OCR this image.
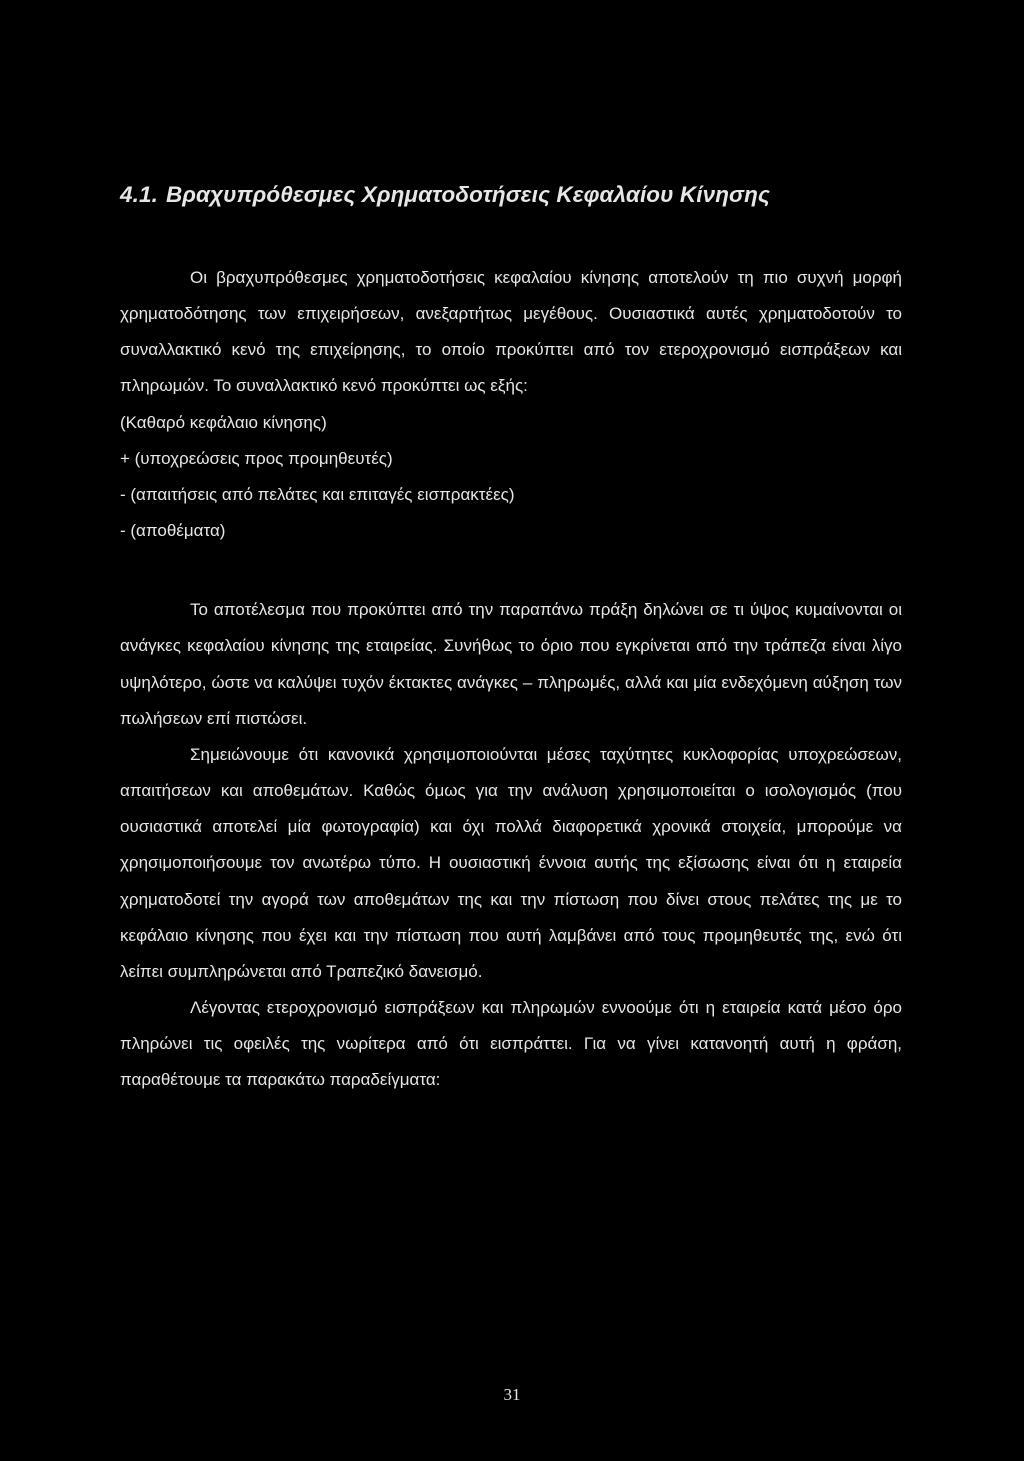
4.1. Βραχυπρόθεσμες Χρηματοδοτήσεις Κεφαλαίου Κίνησης

Οι βραχυπρόθεσμες χρηματοδοτήσεις κεφαλαίου κίνησης αποτελούν τη πιο συχνή μορφή χρηματοδότησης των επιχειρήσεων, ανεξαρτήτως μεγέθους. Ουσιαστικά αυτές χρηματοδοτούν το συναλλακτικό κενό της επιχείρησης, το οποίο προκύπτει από τον ετεροχρονισμό εισπράξεων και πληρωμών. Το συναλλακτικό κενό προκύπτει ως εξής:

(Καθαρό κεφάλαιο κίνησης)

+ (υποχρεώσεις προς προμηθευτές)

- (απαιτήσεις από πελάτες και επιταγές εισπρακτέες)

- (αποθέματα)

Το αποτέλεσμα που προκύπτει από την παραπάνω πράξη δηλώνει σε τι ύψος κυμαίνονται οι ανάγκες κεφαλαίου κίνησης της εταιρείας. Συνήθως το όριο που εγκρίνεται από την τράπεζα είναι λίγο υψηλότερο, ώστε να καλύψει τυχόν έκτακτες ανάγκες – πληρωμές, αλλά και μία ενδεχόμενη αύξηση των πωλήσεων επί πιστώσει.

Σημειώνουμε ότι κανονικά χρησιμοποιούνται μέσες ταχύτητες κυκλοφορίας υποχρεώσεων, απαιτήσεων και αποθεμάτων. Καθώς όμως για την ανάλυση χρησιμοποιείται ο ισολογισμός (που ουσιαστικά αποτελεί μία φωτογραφία) και όχι πολλά διαφορετικά χρονικά στοιχεία, μπορούμε να χρησιμοποιήσουμε τον ανωτέρω τύπο. Η ουσιαστική έννοια αυτής της εξίσωσης είναι ότι η εταιρεία χρηματοδοτεί την αγορά των αποθεμάτων της και την πίστωση που δίνει στους πελάτες της με το κεφάλαιο κίνησης που έχει και την πίστωση που αυτή λαμβάνει από τους προμηθευτές της, ενώ ότι λείπει συμπληρώνεται από Τραπεζικό δανεισμό.

Λέγοντας ετεροχρονισμό εισπράξεων και πληρωμών εννοούμε ότι η εταιρεία κατά μέσο όρο πληρώνει τις οφειλές της νωρίτερα από ότι εισπράττει. Για να γίνει κατανοητή αυτή η φράση, παραθέτουμε τα παρακάτω παραδείγματα:

31
